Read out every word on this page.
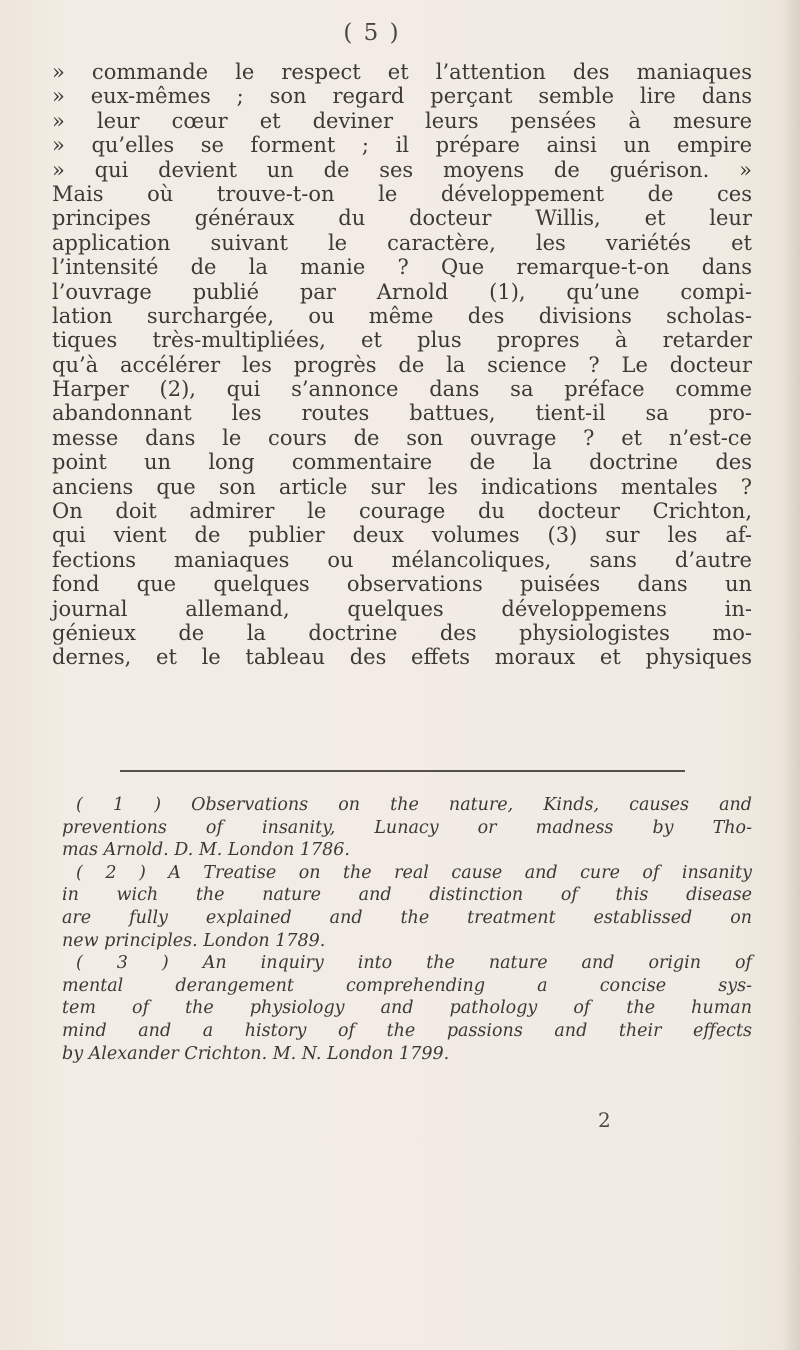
( 5 )
» commande le respect et l’attention des maniaques
» eux-mêmes ; son regard perçant semble lire dans
» leur cœur et deviner leurs pensées à mesure
» qu’elles se forment ; il prépare ainsi un empire
» qui devient un de ses moyens de guérison. »
Mais où trouve-t-on le développement de ces
principes généraux du docteur Willis, et leur
application suivant le caractère, les variétés et
l’intensité de la manie ? Que remarque-t-on dans
l’ouvrage publié par Arnold (1), qu’une compi-
lation surchargée, ou même des divisions scholas-
tiques très-multipliées, et plus propres à retarder
qu’à accélérer les progrès de la science ? Le docteur
Harper (2), qui s’annonce dans sa préface comme
abandonnant les routes battues, tient-il sa pro-
messe dans le cours de son ouvrage ? et n’est-ce
point un long commentaire de la doctrine des
anciens que son article sur les indications mentales ?
On doit admirer le courage du docteur Crichton,
qui vient de publier deux volumes (3) sur les af-
fections maniaques ou mélancoliques, sans d’autre
fond que quelques observations puisées dans un
journal allemand, quelques développemens in-
génieux de la doctrine des physiologistes mo-
dernes, et le tableau des effets moraux et physiques
( 1 ) Observations on the nature, Kinds, causes and
preventions of insanity, Lunacy or madness by Tho-
mas Arnold. D. M. London 1786.
( 2 ) A Treatise on the real cause and cure of insanity
in wich the nature and distinction of this disease
are fully explained and the treatment establissed on
new principles. London 1789.
( 3 ) An inquiry into the nature and origin of
mental derangement comprehending a concise sys-
tem of the physiology and pathology of the human
mind and a history of the passions and their effects
by Alexander Crichton. M. N. London 1799.
2
